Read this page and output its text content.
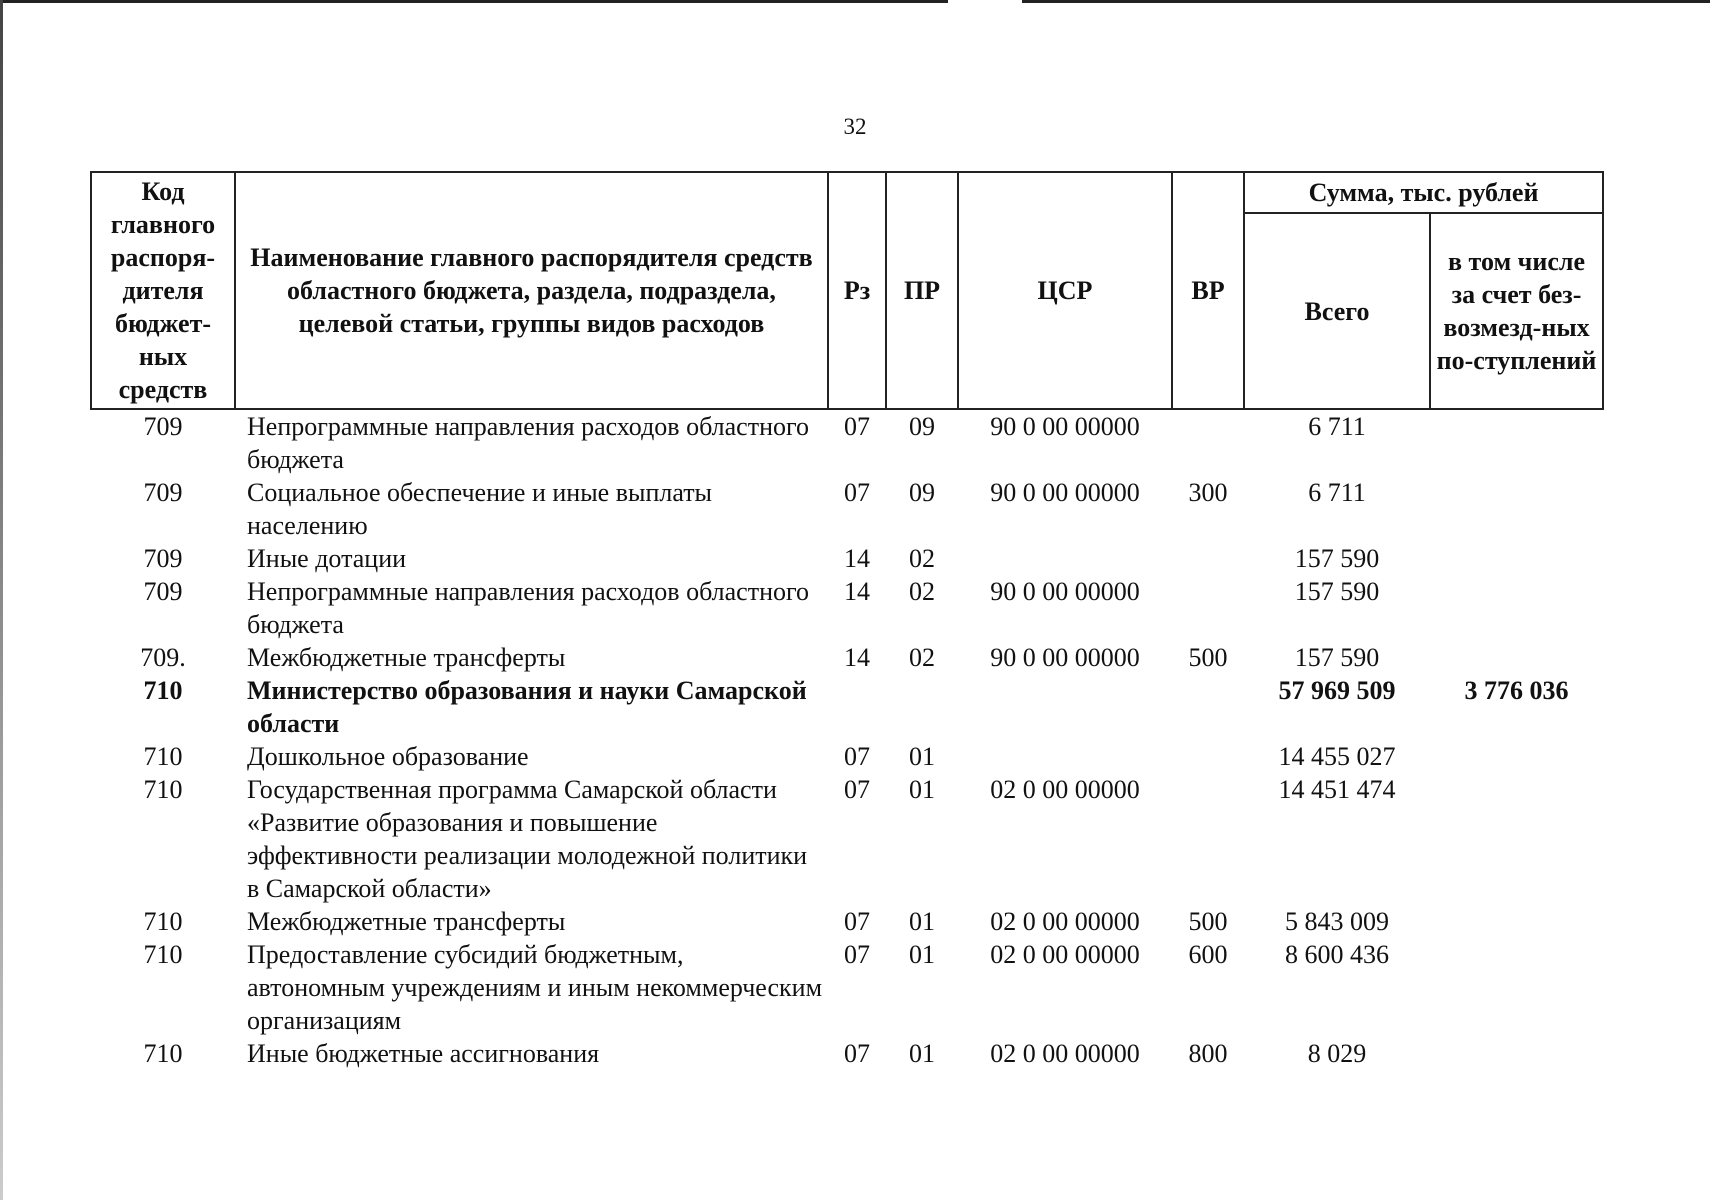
32
Код главного распоря-дителя бюджет-ных средств	Наименование главного распорядителя средств областного бюджета, раздела, подраздела, целевой статьи, группы видов расходов	Рз	ПР	ЦСР	ВР	Сумма, тыс. рублей	
						Всего	в том числе за счет без-возмезд-ных по-ступлений
709	Непрограммные направления расходов областного бюджета	07	09	90 0 00 00000		6 711	
709	Социальное обеспечение и иные выплаты населению	07	09	90 0 00 00000	300	6 711	
709	Иные дотации	14	02			157 590	
709	Непрограммные направления расходов областного бюджета	14	02	90 0 00 00000		157 590	
709.	Межбюджетные трансферты	14	02	90 0 00 00000	500	157 590	
710	Министерство образования и науки Самарской области					57 969 509	3 776 036
710	Дошкольное образование	07	01			14 455 027	
710	Государственная программа Самарской области «Развитие образования и повышение эффективности реализации молодежной политики в Самарской области»	07	01	02 0 00 00000		14 451 474	
710	Межбюджетные трансферты	07	01	02 0 00 00000	500	5 843 009	
710	Предоставление субсидий бюджетным, автономным учреждениям и иным некоммерческим организациям	07	01	02 0 00 00000	600	8 600 436	
710	Иные бюджетные ассигнования	07	01	02 0 00 00000	800	8 029	
